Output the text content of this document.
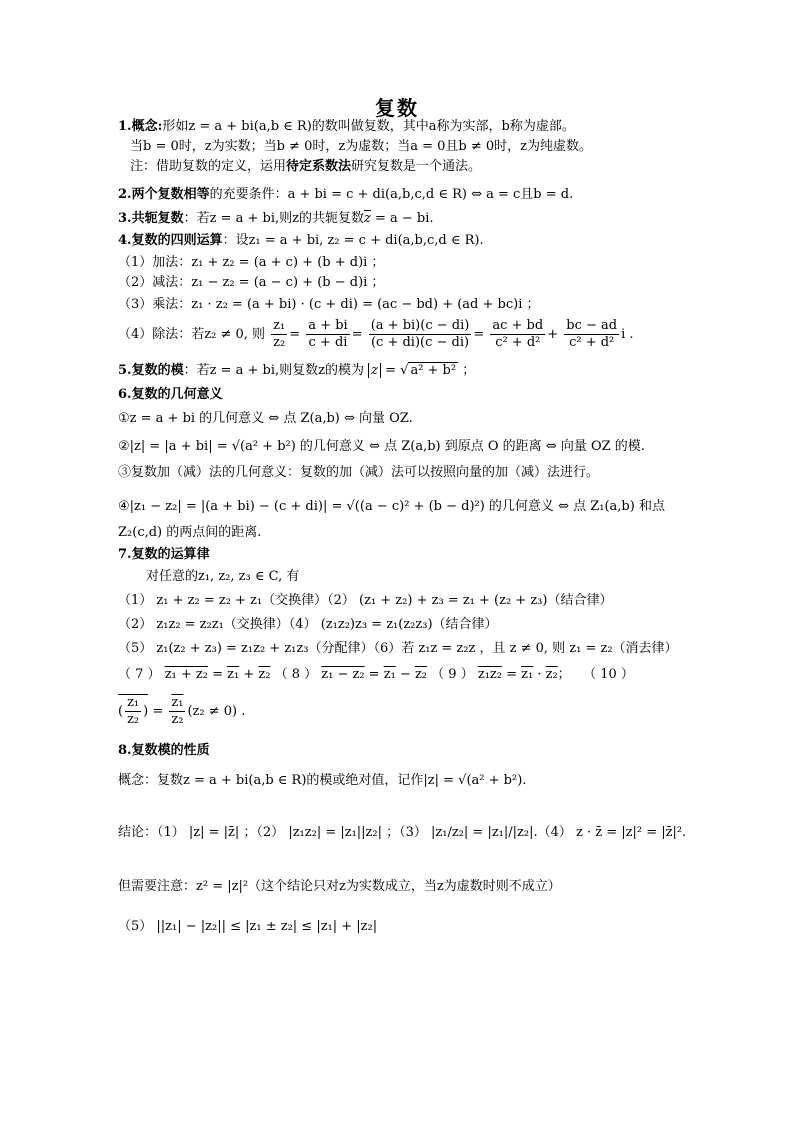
复数
1.概念:形如z = a + bi(a,b ∈ R)的数叫做复数，其中a称为实部，b称为虚部。
当b = 0时，z为实数；当b ≠ 0时，z为虚数；当a = 0且b ≠ 0时，z为纯虚数。
注：借助复数的定义，运用待定系数法研究复数是一个通法。
2.两个复数相等的充要条件：a + bi = c + di(a,b,c,d ∈ R) ⇔ a = c且b = d.
3.共轭复数：若z = a + bi,则z的共轭复数$\overline{z} = a$ − bi.
4.复数的四则运算：设z₁ = a + bi, z₂ = c + di(a,b,c,d ∈ R).
（1）加法：z₁ + z₂ = (a + c) + (b + d)i ；
（2）减法：z₁ − z₂ = (a − c) + (b − d)i ；
（3）乘法：z₁ · z₂ = (a + bi) · (c + di) = (ac − bd) + (ad + bc)i ；
（4）除法：若z₂ ≠ 0, 则 $\frac{\text{z₁}}{\text{z₂}} = \frac{a + bi}{c + di} = \frac{(a + bi)(c - di)}{(c + di)(c - di)} = \frac{ac + bd}{\text{c² + d²}} + \frac{bc - ad}{\text{c² + d²}}$ i .
5.复数的模：若z = a + bi,则复数z的模为 z = √ a² + b² ；
6.复数的几何意义
①z = a + bi 的几何意义 ⇔ 点 Z(a,b) ⇔ 向量 OZ.
②|z| = |a + bi| = √(a² + b²) 的几何意义 ⇔ 点 Z(a,b) 到原点 O 的距离 ⇔ 向量 OZ 的模.
③复数加（减）法的几何意义：复数的加（减）法可以按照向量的加（减）法进行。
④|z₁ − z₂| = |(a + bi) − (c + di)| = √((a − c)² + (b − d)²) 的几何意义 ⇔ 点 Z₁(a,b) 和点
Z₂(c,d) 的两点间的距离.
7.复数的运算律
对任意的z₁, z₂, z₃ ∈ C, 有
（1） z₁ + z₂ = z₂ + z₁（交换律）（2） (z₁ + z₂) + z₃ = z₁ + (z₂ + z₃)（结合律）
（2） z₁z₂ = z₂z₁（交换律）（4） (z₁z₂)z₃ = z₁(z₂z₃)（结合律）
（5） z₁(z₂ + z₃) = z₁z₂ + z₁z₃（分配律）（6）若 z₁z = z₂z ，且 z ≠ 0, 则 z₁ = z₂（消去律）
（ 7 ） z₁ + z₂ = z₁ + z₂ （ 8 ） z₁ − z₂ = z₁ − z₂ （ 9 ） z₁z₂ = z₁ · z₂； （ 10 ）
( $\frac{\text{z₁}}{\text{z₂}}$ ) = $\frac{\text{z₁}}{\text{z₂}} (z_2 \ne 0)$ .
8.复数模的性质
概念：复数z = a + bi(a,b ∈ R)的模或绝对值，记作|z| = √(a² + b²).
结论：（1） |z| = |z̄| ；（2） |z₁z₂| = |z₁||z₂| ；（3） |z₁/z₂| = |z₁|/|z₂|.（4） z · z̄ = |z|² = |z̄|².
但需要注意：z² = |z|²（这个结论只对z为实数成立，当z为虚数时则不成立）
（5） ||z₁| − |z₂|| ≤ |z₁ ± z₂| ≤ |z₁| + |z₂|
